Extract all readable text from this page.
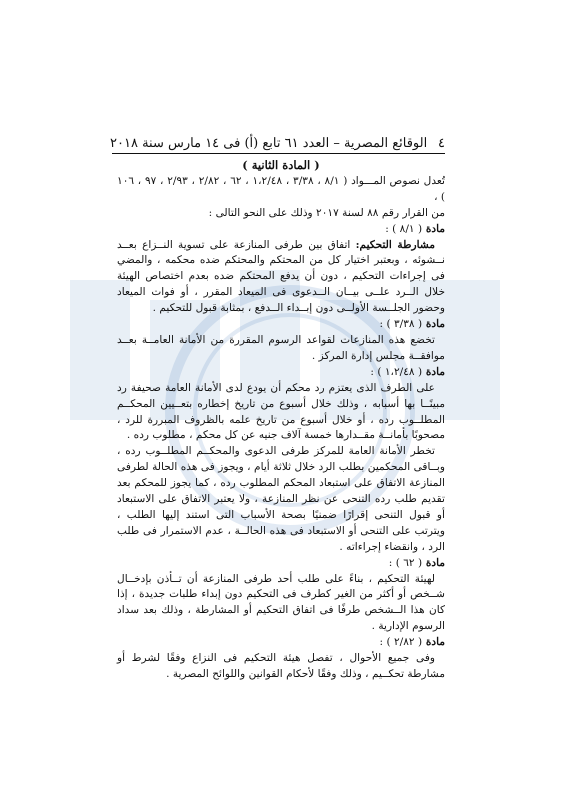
٤
الوقائع المصرية – العدد ٦١ تابع (أ) فى ١٤ مارس سنة ٢٠١٨

( المادة الثانية )

تُعدل نصوص المـــواد ( ٨/١ ، ٣/٣٨ ، ١،٢/٤٨ ، ٦٢ ، ٢/٨٢ ، ٢/٩٣ ، ٩٧ ، ١٠٦ ) ،

من القرار رقم ٨٨ لسنة ٢٠١٧ وذلك على النحو التالى :

مادة ( ٨/١ ) :

مشارطة التحكيم: اتفاق بين طرفى المنازعة على تسوية النــزاع بعــد نــشوئه ، وبعتبر اختيار كل من المحتكم والمحتكم ضده محكمه ، والمضي فى إجراءات التحكيم ، دون أن يدفع المحتكم ضده بعدم اختصاص الهيئة خلال الــرد علــى بيــان الــدعوى فى الميعاد المقرر ، أو فوات الميعاد وحضور الجلــسة الأولــى دون إبــداء الــدفع ، بمثابة قبول للتحكيم .

مادة ( ٣/٣٨ ) :

تخضع هذه المنازعات لقواعد الرسوم المقررة من الأمانة العامــة بعــد موافقــة مجلس إدارة المركز .

مادة ( ١،٢/٤٨ ) :

على الطرف الذى يعتزم رد محكم أن يودع لدى الأمانة العامة صحيفة رد مبينًــا بها أسبابه ، وذلك خلال أسبوع من تاريخ إخطاره بتعــيين المحكــم المطلــوب رده ، أو خلال أسبوع من تاريخ علمه بالظروف المبررة للرد ، مصحوبًا بأمانــة مقــدارها خمسة آلاف جنيه عن كل محكم ، مطلوب رده .

تخطر الأمانة العامة للمركز طرفى الدعوى والمحكــم المطلــوب رده ، وبــاقى المحكمين بطلب الرد خلال ثلاثة أيام ، ويجوز فى هذه الحالة لطرفى المنازعة الاتفاق على استبعاد المحكم المطلوب رده ، كما يجوز للمحكم بعد تقديم طلب رده التنحى عن نظر المنازعة ، ولا يعتبر الاتفاق على الاستبعاد أو قبول التنحى إقرارًا ضمنيًا بصحة الأسباب التى استند إليها الطلب ، ويترتب على التنحى أو الاستبعاد فى هذه الحالــة ، عدم الاستمرار فى طلب الرد ، وانقضاء إجراءاته .

مادة ( ٦٢ ) :

لهيئة التحكيم ، بناءً على طلب أحد طرفى المنازعة أن تــأذن بإدخــال شــخص أو أكثر من الغير كطرف فى التحكيم دون إبداء طلبات جديدة ، إذا كان هذا الــشخص طرفًا فى اتفاق التحكيم أو المشارطة ، وذلك بعد سداد الرسوم الإدارية .

مادة ( ٢/٨٢ ) :

وفى جميع الأحوال ، تفصل هيئة التحكيم فى النزاع وفقًا لشرط أو مشارطة تحكــيم ، وذلك وفقًا لأحكام القوانين واللوائح المصرية .
